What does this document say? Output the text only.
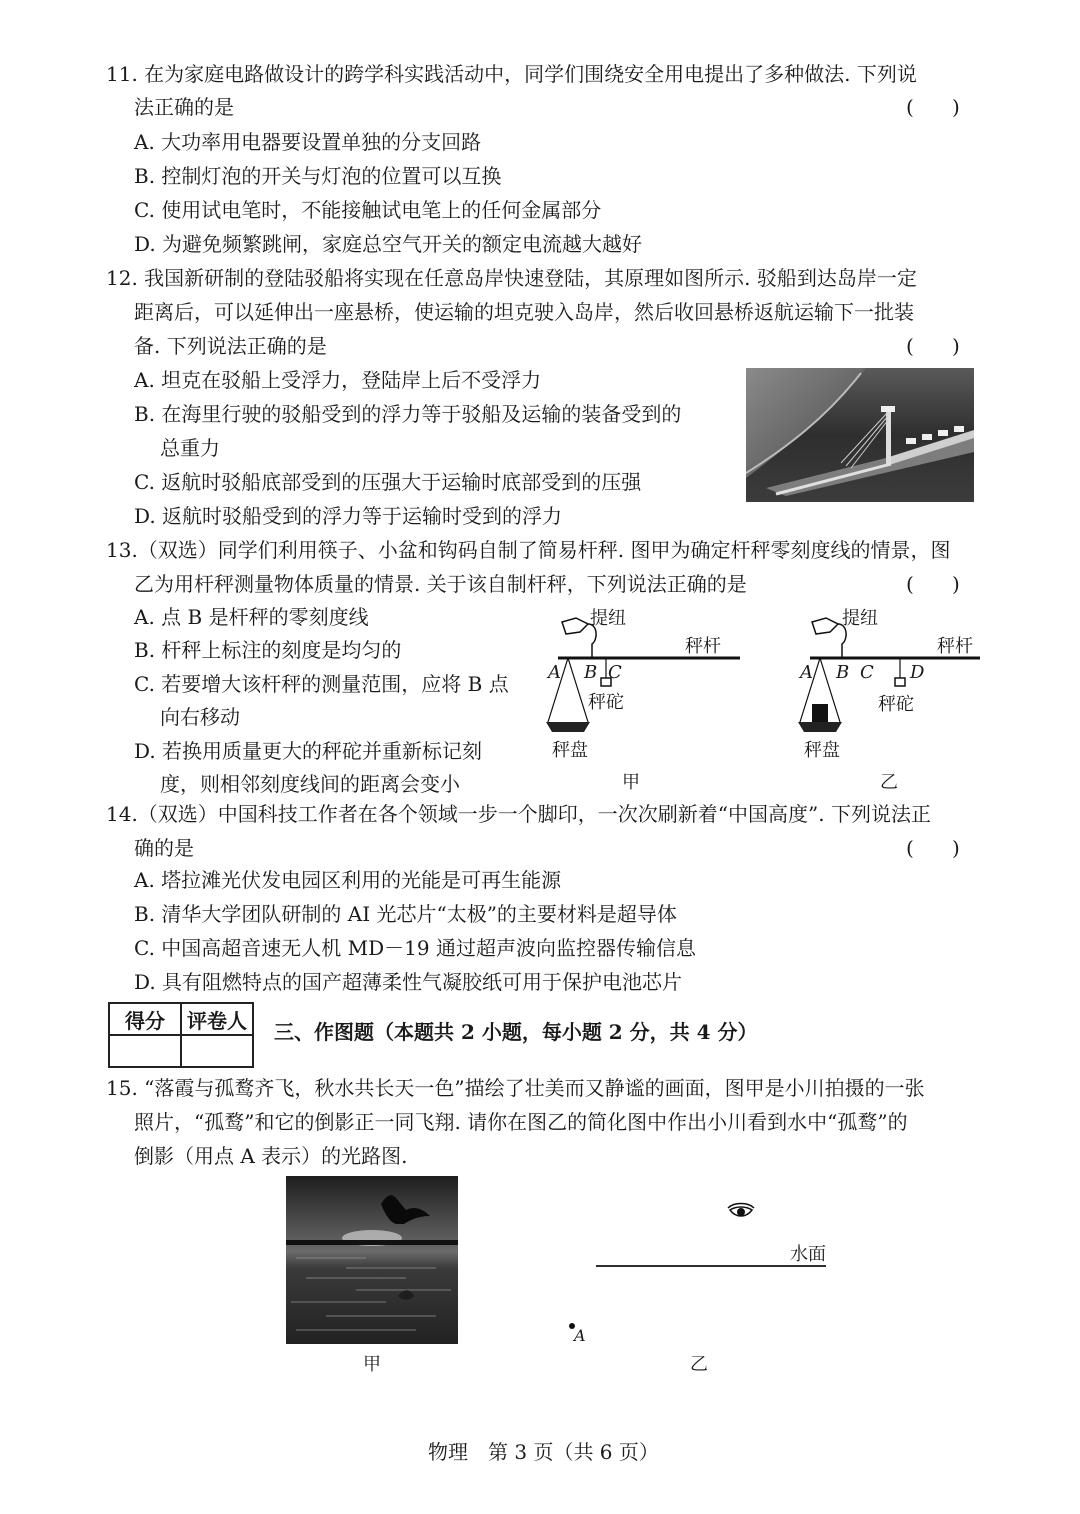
11. 在为家庭电路做设计的跨学科实践活动中，同学们围绕安全用电提出了多种做法. 下列说
法正确的是	(      )
A. 大功率用电器要设置单独的分支回路
B. 控制灯泡的开关与灯泡的位置可以互换
C. 使用试电笔时，不能接触试电笔上的任何金属部分
D. 为避免频繁跳闸，家庭总空气开关的额定电流越大越好
12. 我国新研制的登陆驳船将实现在任意岛岸快速登陆，其原理如图所示. 驳船到达岛岸一定
距离后，可以延伸出一座悬桥，使运输的坦克驶入岛岸，然后收回悬桥返航运输下一批装
备. 下列说法正确的是	(      )
A. 坦克在驳船上受浮力，登陆岸上后不受浮力
B. 在海里行驶的驳船受到的浮力等于驳船及运输的装备受到的
总重力
C. 返航时驳船底部受到的压强大于运输时底部受到的压强
D. 返航时驳船受到的浮力等于运输时受到的浮力
13.（双选）同学们利用筷子、小盆和钩码自制了简易杆秤. 图甲为确定杆秤零刻度线的情景，图
乙为用杆秤测量物体质量的情景. 关于该自制杆秤，下列说法正确的是	(      )
A. 点 B 是杆秤的零刻度线
B. 杆秤上标注的刻度是均匀的
C. 若要增大该杆秤的测量范围，应将 B 点
向右移动
D. 若换用质量更大的秤砣并重新标记刻
度，则相邻刻度线间的距离会变小
提纽
秤杆
A B C
秤砣
秤盘
甲
提纽
秤杆
A B C D
秤砣
秤盘
乙
14.（双选）中国科技工作者在各个领域一步一个脚印，一次次刷新着“中国高度”. 下列说法正
确的是	(      )
A. 塔拉滩光伏发电园区利用的光能是可再生能源
B. 清华大学团队研制的 AI 光芯片“太极”的主要材料是超导体
C. 中国高超音速无人机 MD－19 通过超声波向监控器传输信息
D. 具有阻燃特点的国产超薄柔性气凝胶纸可用于保护电池芯片
得分	评卷人
	三、作图题（本题共 2 小题，每小题 2 分，共 4 分）
15. “落霞与孤鹜齐飞，秋水共长天一色”描绘了壮美而又静谧的画面，图甲是小川拍摄的一张
照片，“孤鹜”和它的倒影正一同飞翔. 请你在图乙的简化图中作出小川看到水中“孤鹜”的
倒影（用点 A 表示）的光路图.
甲
水面
A
乙
物理　第 3 页（共 6 页）
